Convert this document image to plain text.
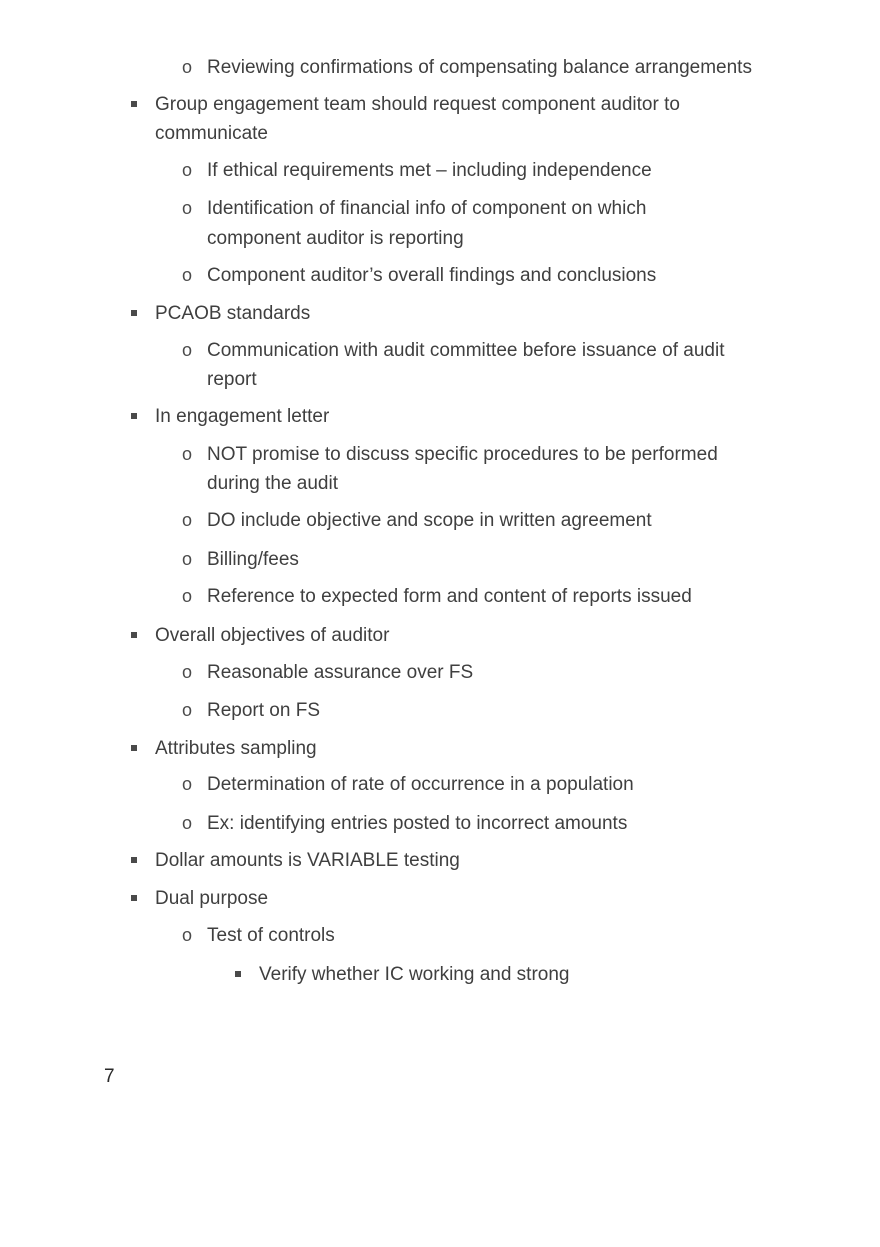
o Reviewing confirmations of compensating balance arrangements
Group engagement team should request component auditor to
communicate
o If ethical requirements met – including independence
o Identification of financial info of component on which
component auditor is reporting
o Component auditor’s overall findings and conclusions
PCAOB standards
o Communication with audit committee before issuance of audit
report
In engagement letter
o NOT promise to discuss specific procedures to be performed
during the audit
o DO include objective and scope in written agreement
o Billing/fees
o Reference to expected form and content of reports issued
Overall objectives of auditor
o Reasonable assurance over FS
o Report on FS
Attributes sampling
o Determination of rate of occurrence in a population
o Ex: identifying entries posted to incorrect amounts
Dollar amounts is VARIABLE testing
Dual purpose
o Test of controls
Verify whether IC working and strong
7
